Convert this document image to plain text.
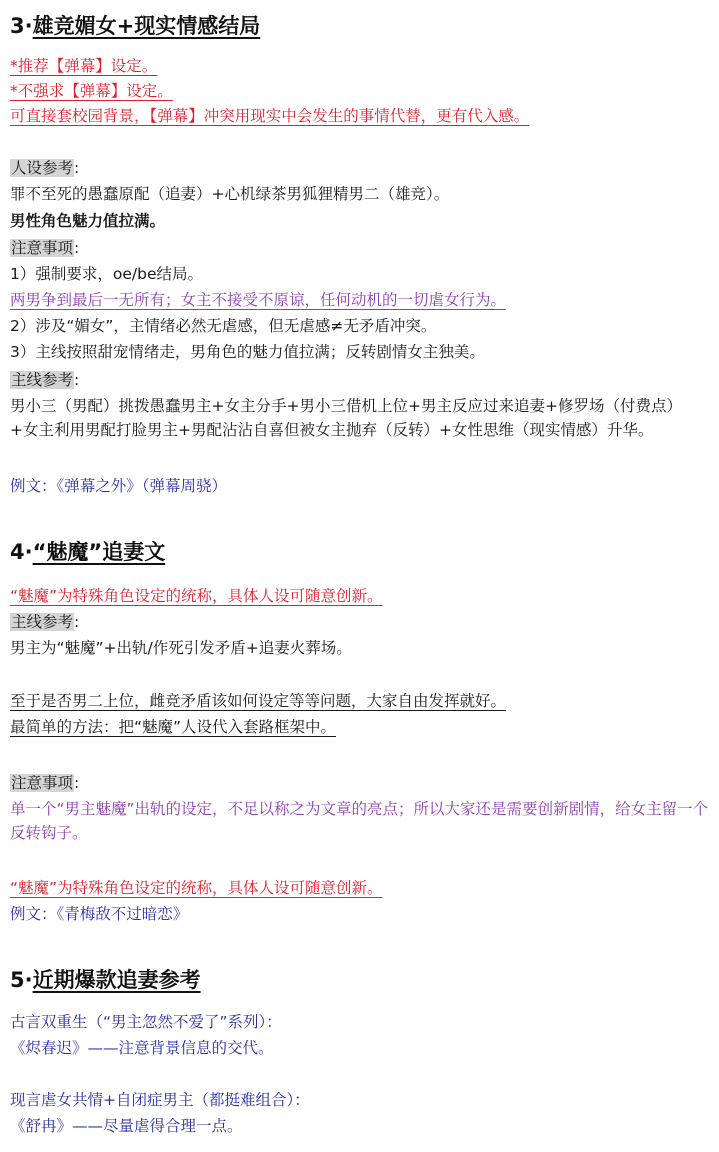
3·雄竞媚女+现实情感结局
*推荐【弹幕】设定。
*不强求【弹幕】设定。
可直接套校园背景，【弹幕】冲突用现实中会发生的事情代替，更有代入感。
人设参考:
罪不至死的愚蠢原配（追妻）+心机绿茶男狐狸精男二（雄竞）。
男性角色魅力值拉满。
注意事项:
1）强制要求，oe/be结局。
两男争到最后一无所有；女主不接受不原谅，任何动机的一切虐女行为。
2）涉及“媚女”，主情绪必然无虐感，但无虐感≠无矛盾冲突。
3）主线按照甜宠情绪走，男角色的魅力值拉满；反转剧情女主独美。
主线参考:
男小三（男配）挑拨愚蠢男主+女主分手+男小三借机上位+男主反应过来追妻+修罗场（付费点）+女主利用男配打脸男主+男配沾沾自喜但被女主抛弃（反转）+女性思维（现实情感）升华。
例文：《弹幕之外》（弹幕周骁）
4·“魅魔”追妻文
“魅魔”为特殊角色设定的统称，具体人设可随意创新。
主线参考:
男主为“魅魔”+出轨/作死引发矛盾+追妻火葬场。
至于是否男二上位，雌竞矛盾该如何设定等等问题，大家自由发挥就好。
最简单的方法：把“魅魔”人设代入套路框架中。
注意事项:
单一个“男主魅魔”出轨的设定，不足以称之为文章的亮点；所以大家还是需要创新剧情，给女主留一个反转钩子。
“魅魔”为特殊角色设定的统称，具体人设可随意创新。
例文：《青梅敌不过暗恋》
5·近期爆款追妻参考
古言双重生（“男主忽然不爱了”系列）：
《烬春迟》——注意背景信息的交代。
现言虐女共情+自闭症男主（都挺难组合）：
《舒冉》——尽量虐得合理一点。
